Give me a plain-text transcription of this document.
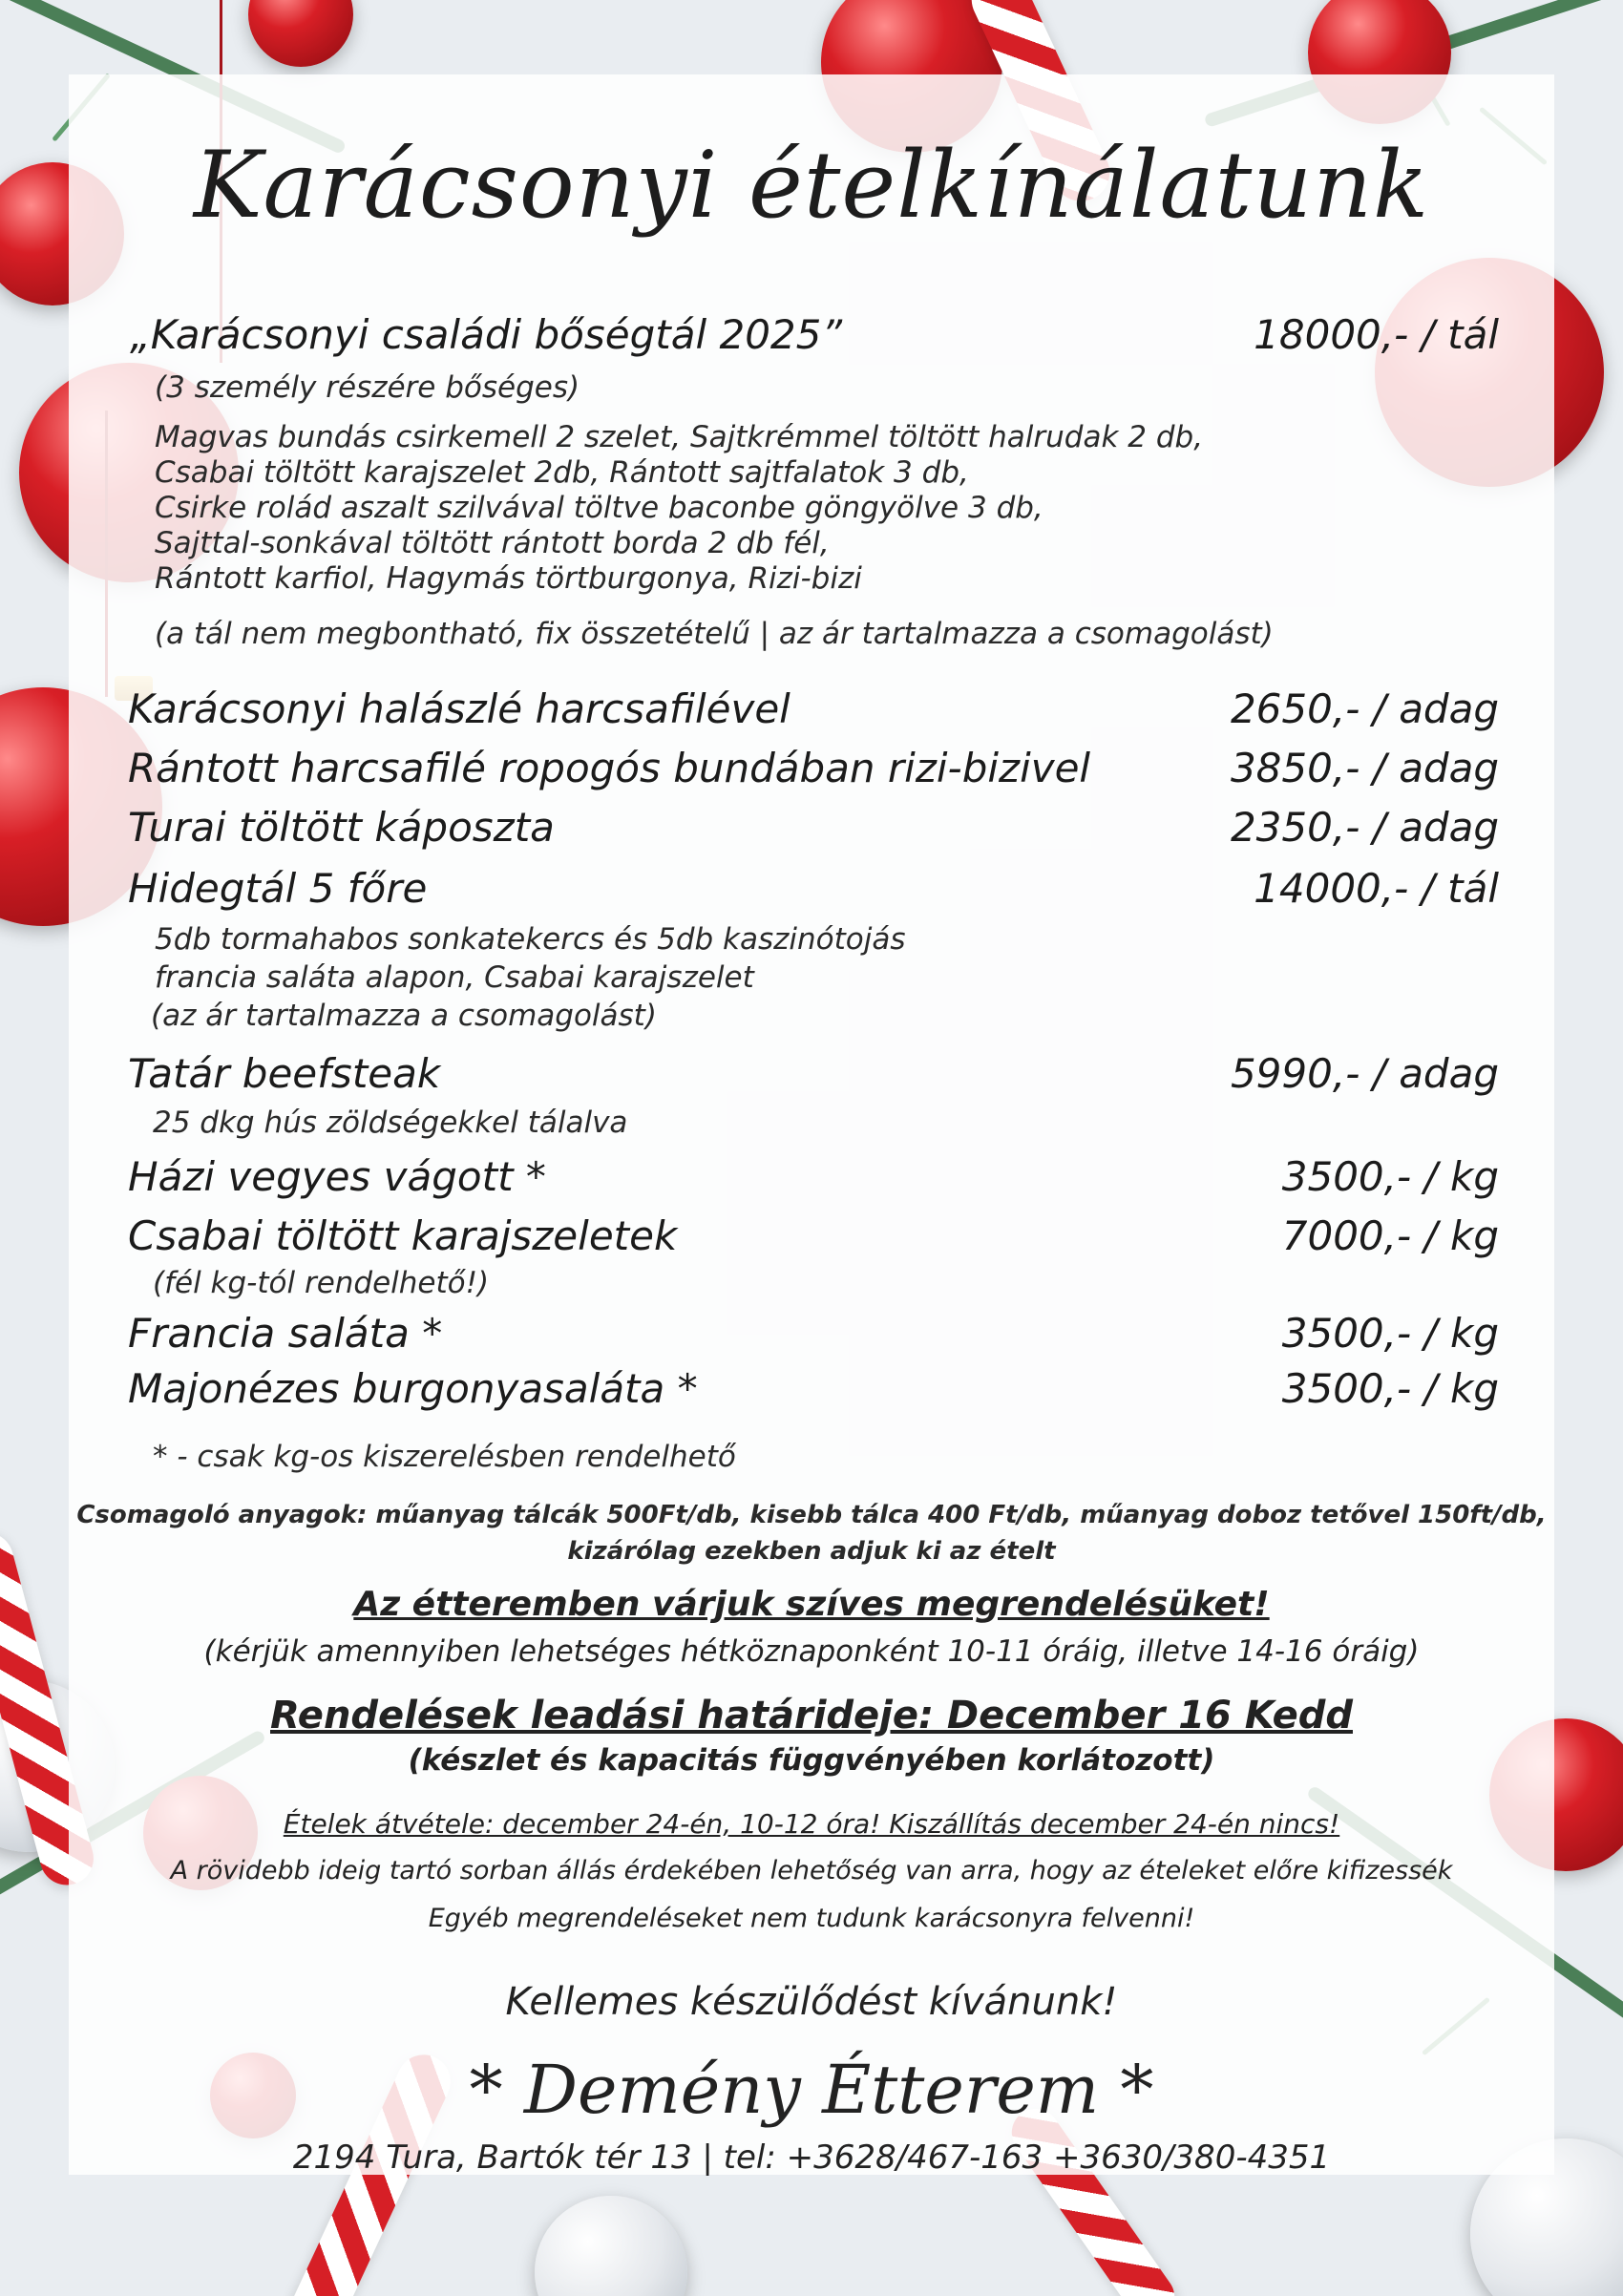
Karácsonyi ételkínálatunk
„Karácsonyi családi bőségtál 2025”	18000,- / tál
(3 személy részére bőséges)
Magvas bundás csirkemell 2 szelet, Sajtkrémmel töltött halrudak 2 db,
Csabai töltött karajszelet 2db, Rántott sajtfalatok 3 db,
Csirke rolád aszalt szilvával töltve baconbe göngyölve 3 db,
Sajttal-sonkával töltött rántott borda 2 db fél,
Rántott karfiol, Hagymás törtburgonya, Rizi-bizi
(a tál nem megbontható, fix összetételű | az ár tartalmazza a csomagolást)
Karácsonyi halászlé harcsafilével	2650,- / adag
Rántott harcsafilé ropogós bundában rizi-bizivel	3850,- / adag
Turai töltött káposzta	2350,- / adag
Hidegtál 5 főre	14000,- / tál
5db tormahabos sonkatekercs és 5db kaszinótojás
francia saláta alapon, Csabai karajszelet
(az ár tartalmazza a csomagolást)
Tatár beefsteak	5990,- / adag
25 dkg hús zöldségekkel tálalva
Házi vegyes vágott *	3500,- / kg
Csabai töltött karajszeletek	7000,- / kg
(fél kg-tól rendelhető!)
Francia saláta *	3500,- / kg
Majonézes burgonyasaláta *	3500,- / kg
* - csak kg-os kiszerelésben rendelhető
Csomagoló anyagok: műanyag tálcák 500Ft/db, kisebb tálca 400 Ft/db, műanyag doboz tetővel 150ft/db,
kizárólag ezekben adjuk ki az ételt
Az étteremben várjuk szíves megrendelésüket!
(kérjük amennyiben lehetséges hétköznaponként 10-11 óráig, illetve 14-16 óráig)
Rendelések leadási határideje: December 16 Kedd
(készlet és kapacitás függvényében korlátozott)
Ételek átvétele: december 24-én, 10-12 óra! Kiszállítás december 24-én nincs!
A rövidebb ideig tartó sorban állás érdekében lehetőség van arra, hogy az ételeket előre kifizessék
Egyéb megrendeléseket nem tudunk karácsonyra felvenni!
Kellemes készülődést kívánunk!
* Demény Étterem *
2194 Tura, Bartók tér 13 | tel: +3628/467-163 +3630/380-4351
